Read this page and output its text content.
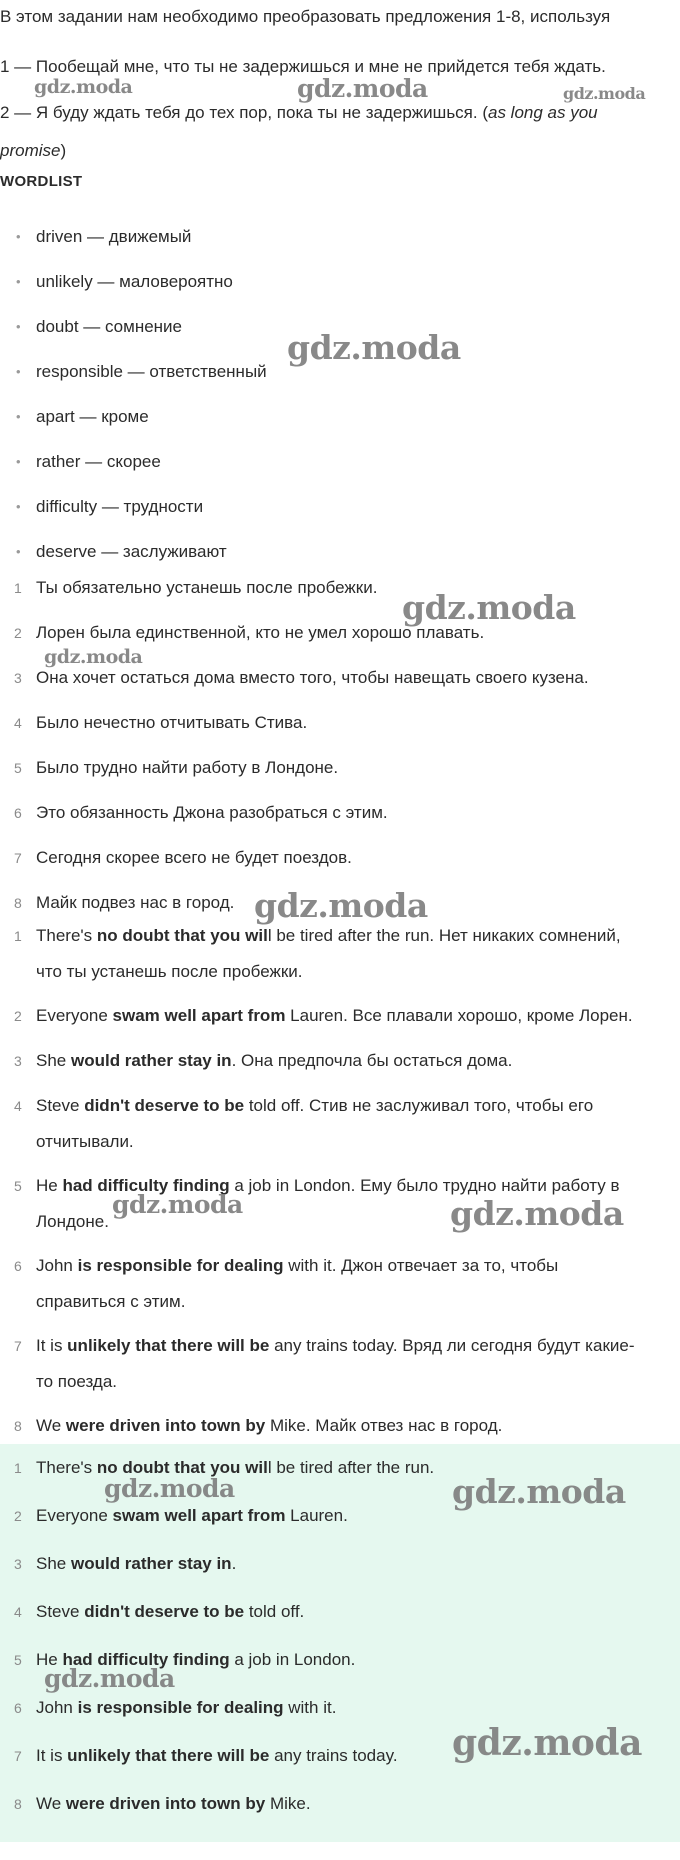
В этом задании нам необходимо преобразовать предложения 1-8, используя
1 — Пообещай мне, что ты не задержишься и мне не прийдется тебя ждать.
2 — Я буду ждать тебя до тех пор, пока ты не задержишься. (as long as you
promise)
WORDLIST
• driven — движемый
• unlikely — маловероятно
• doubt — сомнение
• responsible — ответственный
• apart — кроме
• rather — скорее
• difficulty — трудности
• deserve — заслуживают
1 Ты обязательно устанешь после пробежки.
2 Лорен была единственной, кто не умел хорошо плавать.
3 Она хочет остаться дома вместо того, чтобы навещать своего кузена.
4 Было нечестно отчитывать Стива.
5 Было трудно найти работу в Лондоне.
6 Это обязанность Джона разобраться с этим.
7 Сегодня скорее всего не будет поездов.
8 Майк подвез нас в город.
1 There's no doubt that you will be tired after the run. Нет никаких сомнений,
что ты устанешь после пробежки.
2 Everyone swam well apart from Lauren. Все плавали хорошо, кроме Лорен.
3 She would rather stay in. Она предпочла бы остаться дома.
4 Steve didn't deserve to be told off. Стив не заслуживал того, чтобы его
отчитывали.
5 He had difficulty finding a job in London. Ему было трудно найти работу в
Лондоне.
6 John is responsible for dealing with it. Джон отвечает за то, чтобы
справиться с этим.
7 It is unlikely that there will be any trains today. Вряд ли сегодня будут какие-
то поезда.
8 We were driven into town by Mike. Майк отвез нас в город.
1 There's no doubt that you will be tired after the run.
2 Everyone swam well apart from Lauren.
3 She would rather stay in.
4 Steve didn't deserve to be told off.
5 He had difficulty finding a job in London.
6 John is responsible for dealing with it.
7 It is unlikely that there will be any trains today.
8 We were driven into town by Mike.
gdz.moda	gdz.moda	gdz.moda
gdz.moda
gdz.moda
gdz.moda
gdz.moda
gdz.moda	gdz.moda
gdz.moda	gdz.moda
gdz.moda
gdz.moda
